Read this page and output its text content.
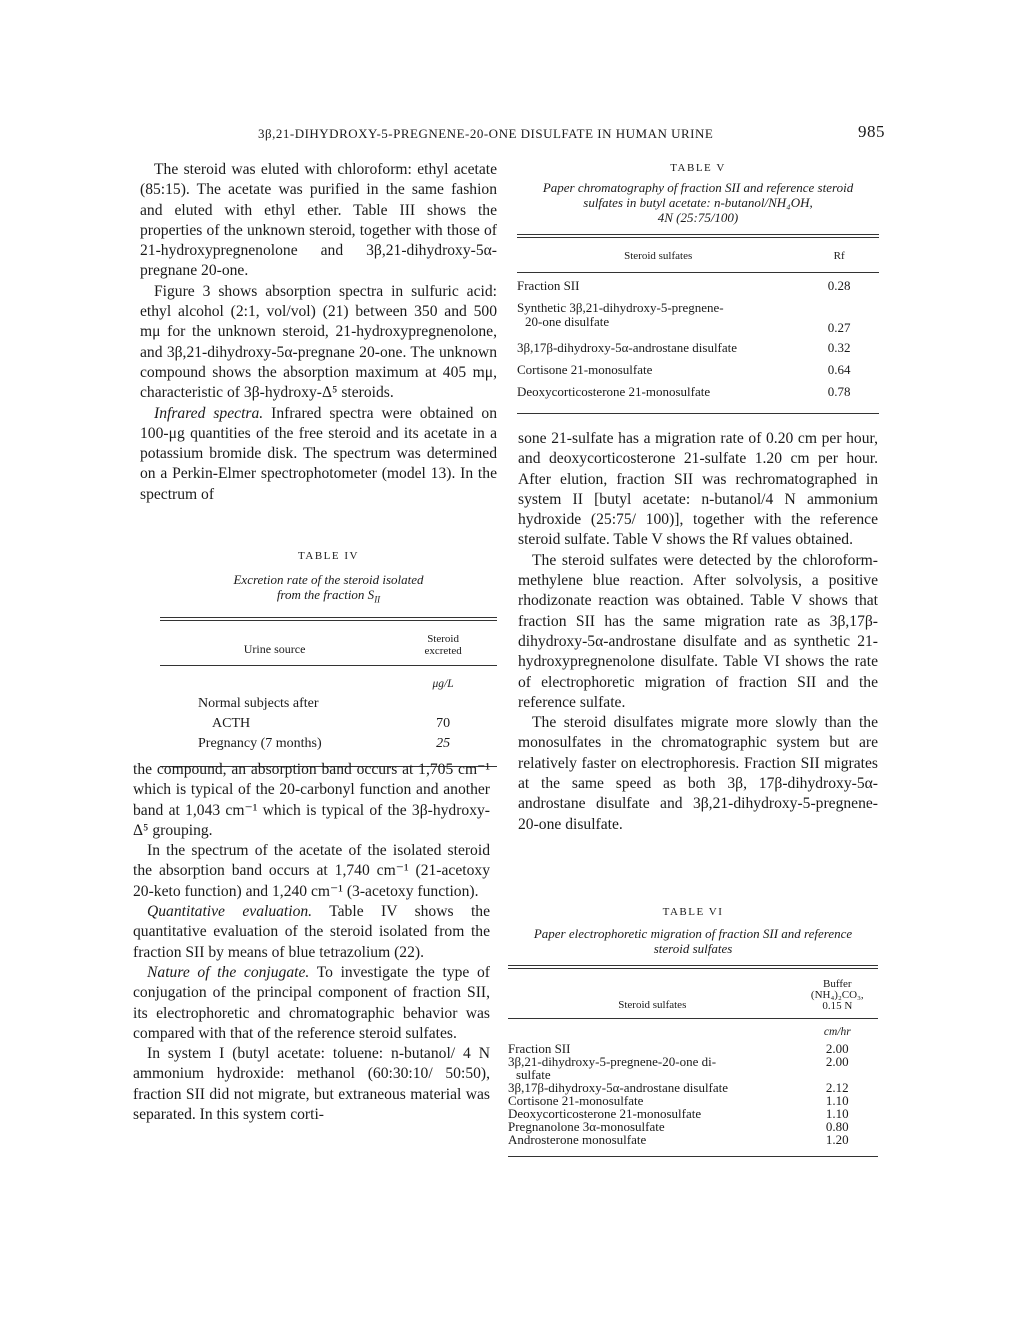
3β,21-DIHYDROXY-5-PREGNENE-20-ONE DISULFATE IN HUMAN URINE	985

The steroid was eluted with chloroform: ethyl acetate (85:15). The acetate was purified in the same fashion and eluted with ethyl ether. Table III shows the properties of the unknown steroid, together with those of 21-hydroxypregnenolone and 3β,21-dihydroxy-5α-pregnane 20-one.

Figure 3 shows absorption spectra in sulfuric acid: ethyl alcohol (2:1, vol/vol) (21) between 350 and 500 mμ for the unknown steroid, 21-hydroxypregnenolone, and 3β,21-dihydroxy-5α-pregnane 20-one. The unknown compound shows the absorption maximum at 405 mμ, characteristic of 3β-hydroxy-Δ⁵ steroids.

Infrared spectra. Infrared spectra were obtained on 100-μg quantities of the free steroid and its acetate in a potassium bromide disk. The spectrum was determined on a Perkin-Elmer spectrophotometer (model 13). In the spectrum of

TABLE IV
Excretion rate of the steroid isolated
from the fraction $S_{II}$
Urine source	
Steroid
excreted
	μg/L
Normal subjects after	
ACTH	70
Pregnancy (7 months)	25

the compound, an absorption band occurs at 1,705 cm⁻¹ which is typical of the 20-carbonyl function and another band at 1,043 cm⁻¹ which is typical of the 3β-hydroxy-Δ⁵ grouping.

In the spectrum of the acetate of the isolated steroid the absorption band occurs at 1,740 cm⁻¹ (21-acetoxy 20-keto function) and 1,240 cm⁻¹ (3-acetoxy function).

Quantitative evaluation. Table IV shows the quantitative evaluation of the steroid isolated from the fraction SII by means of blue tetrazolium (22).

Nature of the conjugate. To investigate the type of conjugation of the principal component of fraction SII, its electrophoretic and chromatographic behavior was compared with that of the reference steroid sulfates.

In system I (butyl acetate: toluene: n-butanol/ 4 N ammonium hydroxide: methanol (60:30:10/ 50:50), fraction SII did not migrate, but extraneous material was separated. In this system corti-

TABLE V
Paper chromatography of fraction SII and reference steroid
sulfates in butyl acetate: n-butanol/NH₄OH,
4N (25:75/100)
Steroid sulfates	Rf
Fraction SII	0.28

Synthetic 3β,21-dihydroxy-5-pregnene-
20-one disulfate	0.27
3β,17β-dihydroxy-5α-androstane disulfate	0.32
Cortisone 21-monosulfate	0.64
Deoxycorticosterone 21-monosulfate	0.78

sone 21-sulfate has a migration rate of 0.20 cm per hour, and deoxycorticosterone 21-sulfate 1.20 cm per hour. After elution, fraction SII was rechromatographed in system II [butyl acetate: n-butanol/4 N ammonium hydroxide (25:75/ 100)], together with the reference steroid sulfate. Table V shows the Rf values obtained.

The steroid sulfates were detected by the chloroform-methylene blue reaction. After solvolysis, a positive rhodizonate reaction was obtained. Table V shows that fraction SII has the same migration rate as 3β,17β-dihydroxy-5α-androstane disulfate and as synthetic 21-hydroxypregnenolone disulfate. Table VI shows the rate of electrophoretic migration of fraction SII and the reference sulfate.

The steroid disulfates migrate more slowly than the monosulfates in the chromatographic system but are relatively faster on electrophoresis. Fraction SII migrates at the same speed as both 3β, 17β-dihydroxy-5α-androstane disulfate and 3β,21-dihydroxy-5-pregnene-20-one disulfate.

TABLE VI
Paper electrophoretic migration of fraction SII and reference
steroid sulfates
Steroid sulfates	
Buffer
(NH₄)₂CO₃,
0.15 N
	cm/hr
Fraction SII	2.00

3β,21-dihydroxy-5-pregnene-20-one di-
sulfate	2.00
3β,17β-dihydroxy-5α-androstane disulfate	2.12
Cortisone 21-monosulfate	1.10
Deoxycorticosterone 21-monosulfate	1.10
Pregnanolone 3α-monosulfate	0.80
Androsterone monosulfate	1.20
